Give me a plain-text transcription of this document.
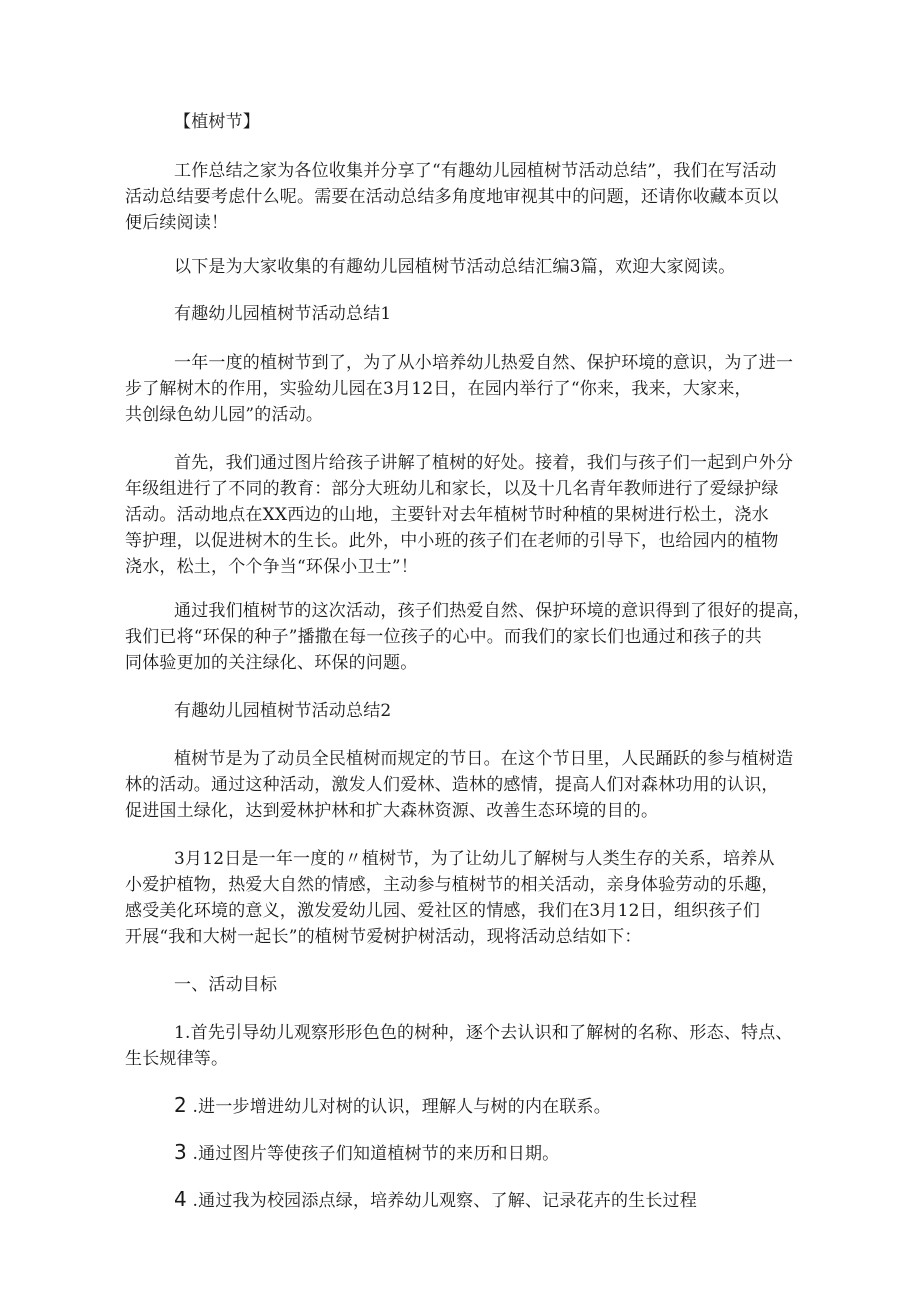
【植树节】
工作总结之家为各位收集并分享了“有趣幼儿园植树节活动总结”，我们在写活动
活动总结要考虑什么呢。需要在活动总结多角度地审视其中的问题，还请你收藏本页以
便后续阅读！
以下是为大家收集的有趣幼儿园植树节活动总结汇编3篇，欢迎大家阅读。
有趣幼儿园植树节活动总结1
一年一度的植树节到了，为了从小培养幼儿热爱自然、保护环境的意识，为了进一
步了解树木的作用，实验幼儿园在3月12日，在园内举行了“你来，我来，大家来，
共创绿色幼儿园”的活动。
首先，我们通过图片给孩子讲解了植树的好处。接着，我们与孩子们一起到户外分
年级组进行了不同的教育：部分大班幼儿和家长，以及十几名青年教师进行了爱绿护绿
活动。活动地点在XX西边的山地，主要针对去年植树节时种植的果树进行松土，浇水
等护理，以促进树木的生长。此外，中小班的孩子们在老师的引导下，也给园内的植物
浇水，松土，个个争当“环保小卫士”！
通过我们植树节的这次活动，孩子们热爱自然、保护环境的意识得到了很好的提高，
我们已将“环保的种子”播撒在每一位孩子的心中。而我们的家长们也通过和孩子的共
同体验更加的关注绿化、环保的问题。
有趣幼儿园植树节活动总结2
植树节是为了动员全民植树而规定的节日。在这个节日里，人民踊跃的参与植树造
林的活动。通过这种活动，激发人们爱林、造林的感情，提高人们对森林功用的认识，
促进国土绿化，达到爱林护林和扩大森林资源、改善生态环境的目的。
3月12日是一年一度的〃植树节，为了让幼儿了解树与人类生存的关系，培养从
小爱护植物，热爱大自然的情感，主动参与植树节的相关活动，亲身体验劳动的乐趣，
感受美化环境的意义，激发爱幼儿园、爱社区的情感，我们在3月12日，组织孩子们
开展“我和大树一起长”的植树节爱树护树活动，现将活动总结如下：
一、活动目标
1.首先引导幼儿观察形形色色的树种，逐个去认识和了解树的名称、形态、特点、
生长规律等。
2 .进一步增进幼儿对树的认识，理解人与树的内在联系。
3 .通过图片等使孩子们知道植树节的来历和日期。
4 .通过我为校园添点绿，培养幼儿观察、了解、记录花卉的生长过程
